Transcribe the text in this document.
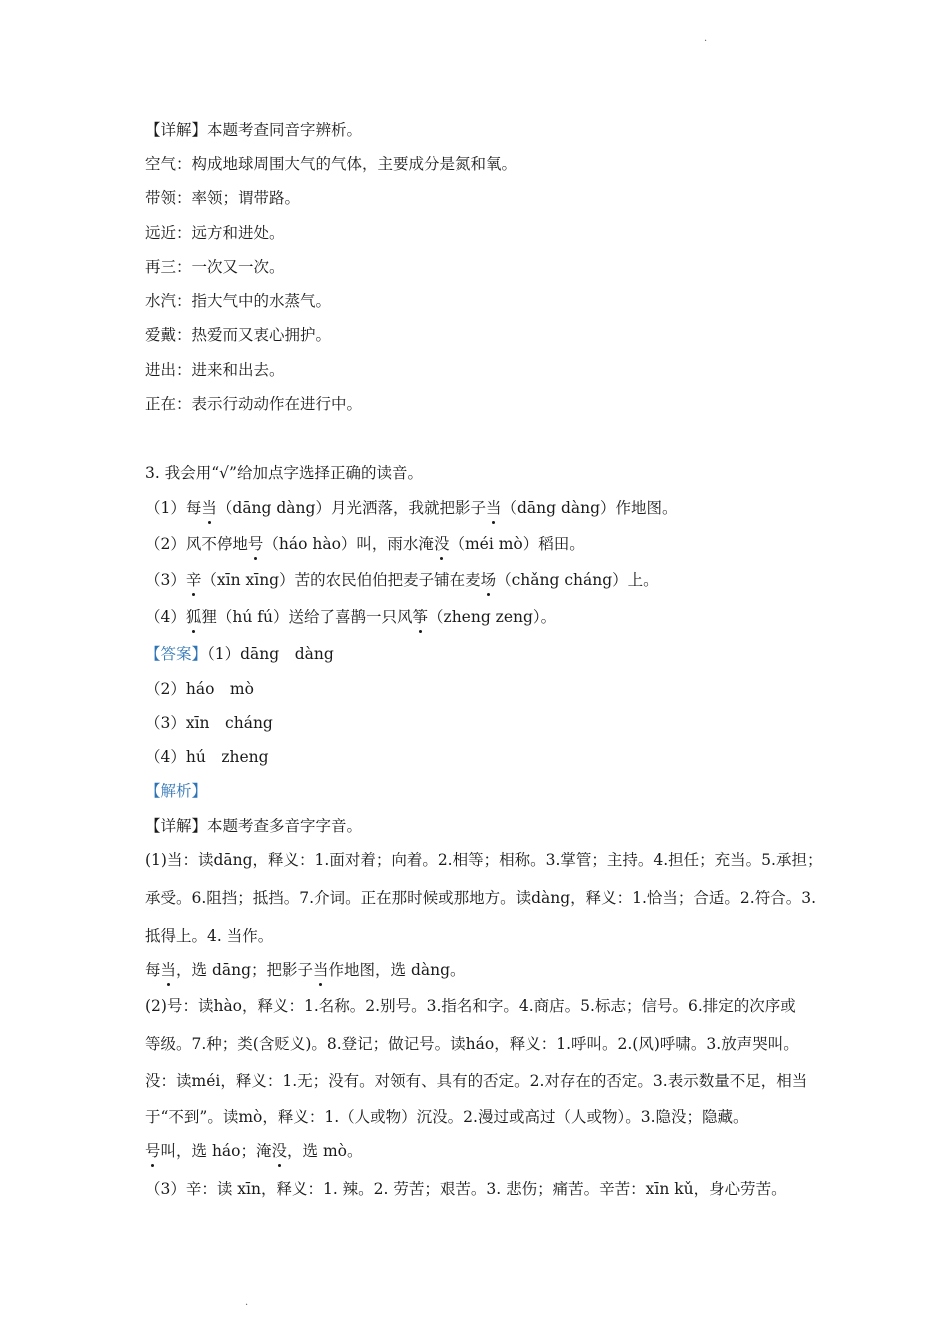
·
【详解】本题考查同音字辨析。
空气：构成地球周围大气的气体，主要成分是氮和氧。
带领：率领；谓带路。
远近：远方和进处。
再三：一次又一次。
水汽：指大气中的水蒸气。
爱戴：热爱而又衷心拥护。
进出：进来和出去。
正在：表示行动动作在进行中。
3. 我会用“√”给加点字选择正确的读音。
（1）每当（dāng dàng）月光洒落，我就把影子当（dāng dàng）作地图。
（2）风不停地号（háo hào）叫，雨水淹没（méi mò）稻田。
（3）辛（xīn xīng）苦的农民伯伯把麦子铺在麦场（chǎng cháng）上。
（4）狐狸（hú fú）送给了喜鹊一只风筝（zheng zeng）。
【答案】（1）dāng　dàng
（2）háo　mò
（3）xīn　cháng
（4）hú　zheng
【解析】
【详解】本题考查多音字字音。
(1)当：读dāng，释义：1.面对着；向着。2.相等；相称。3.掌管；主持。4.担任；充当。5.承担；
承受。6.阻挡；抵挡。7.介词。正在那时候或那地方。读dàng，释义：1.恰当；合适。2.符合。3.
抵得上。4. 当作。
每当，选 dāng；把影子当作地图，选 dàng。
(2)号：读hào，释义：1.名称。2.别号。3.指名和字。4.商店。5.标志；信号。6.排定的次序或
等级。7.种；类(含贬义)。8.登记；做记号。读háo，释义：1.呼叫。2.(风)呼啸。3.放声哭叫。
没：读méi，释义：1.无；没有。对领有、具有的否定。2.对存在的否定。3.表示数量不足，相当
于“不到”。读mò，释义：1.（人或物）沉没。2.漫过或高过（人或物）。3.隐没；隐藏。
号叫，选 háo；淹没，选 mò。
（3）辛：读 xīn，释义：1. 辣。2. 劳苦；艰苦。3. 悲伤；痛苦。辛苦：xīn kǔ，身心劳苦。
·
